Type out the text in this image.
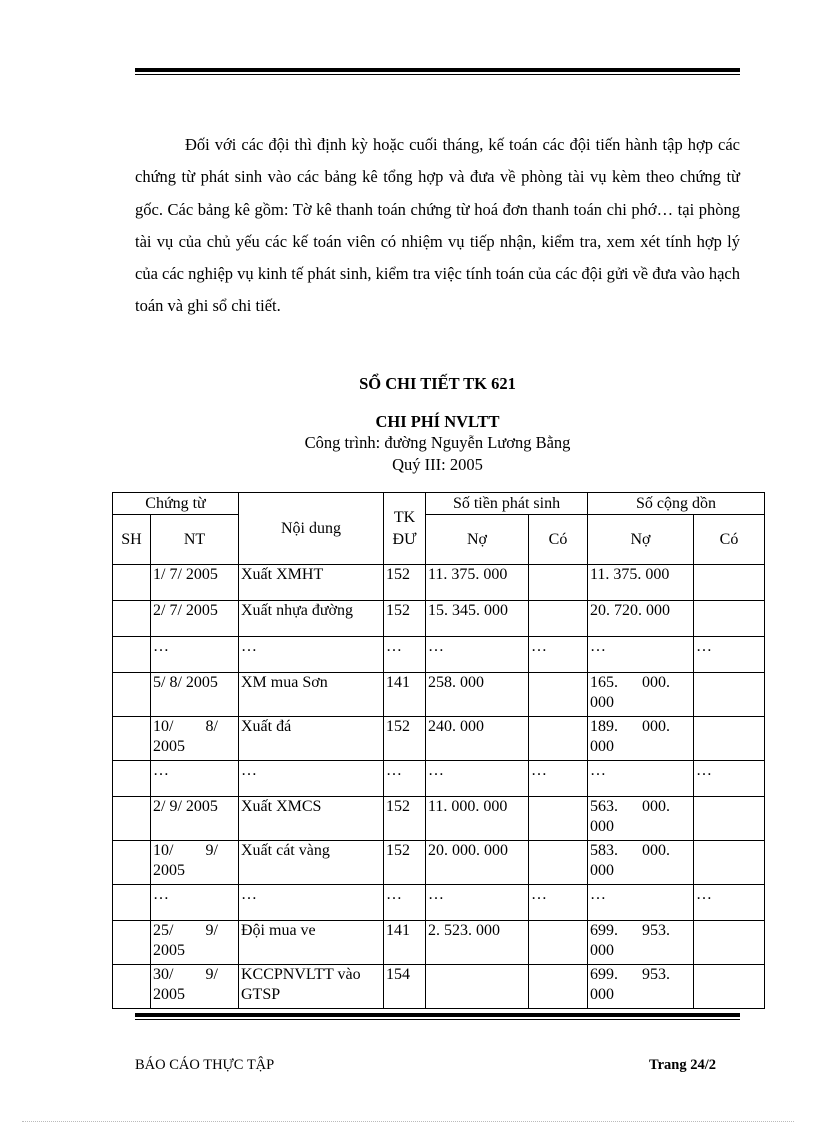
Đối với các đội thì định kỳ hoặc cuối tháng, kế toán các đội tiến hành tập hợp các chứng từ phát sinh vào các bảng kê tổng hợp và đưa về phòng tài vụ kèm theo chứng từ gốc. Các bảng kê gồm: Tờ kê thanh toán chứng từ hoá đơn thanh toán chi phớ… tại phòng tài vụ của chủ yếu các kế toán viên có nhiệm vụ tiếp nhận, kiểm tra, xem xét tính hợp lý của các nghiệp vụ kinh tế phát sinh, kiểm tra việc tính toán của các đội gửi về đưa vào hạch toán và ghi sổ chi tiết.

SỔ CHI TIẾT TK 621

CHI PHÍ NVLTT

Công trình: đường Nguyễn Lương Bằng

Quý III: 2005

Chứng từ		Nội dung	TK ĐƯ	Số tiền phát sinh		Số cộng dồn	
SH	NT			Nợ	Có	Nợ	Có
	1/ 7/ 2005	Xuất XMHT	152	11. 375. 000		11. 375. 000	
	2/ 7/ 2005	Xuất nhựa đường	152	15. 345. 000		20. 720. 000	
	…	…	…	…	…	…	…
	5/ 8/ 2005	XM mua Sơn	141	258. 000		165.      000. 000	
	10/        8/ 2005	Xuất đá	152	240. 000		189.      000. 000	
	…	…	…	…	…	…	…
	2/ 9/ 2005	Xuất XMCS	152	11. 000. 000		563.      000. 000	
	10/        9/ 2005	Xuất cát vàng	152	20. 000. 000		583.      000. 000	
	…	…	…	…	…	…	…
	25/        9/ 2005	Đội mua ve	141	2. 523. 000		699.      953. 000	
	30/        9/ 2005	KCCPNVLTT vào GTSP	154			699.      953. 000	

BÁO CÁO THỰC TẬP	Trang 24/2
